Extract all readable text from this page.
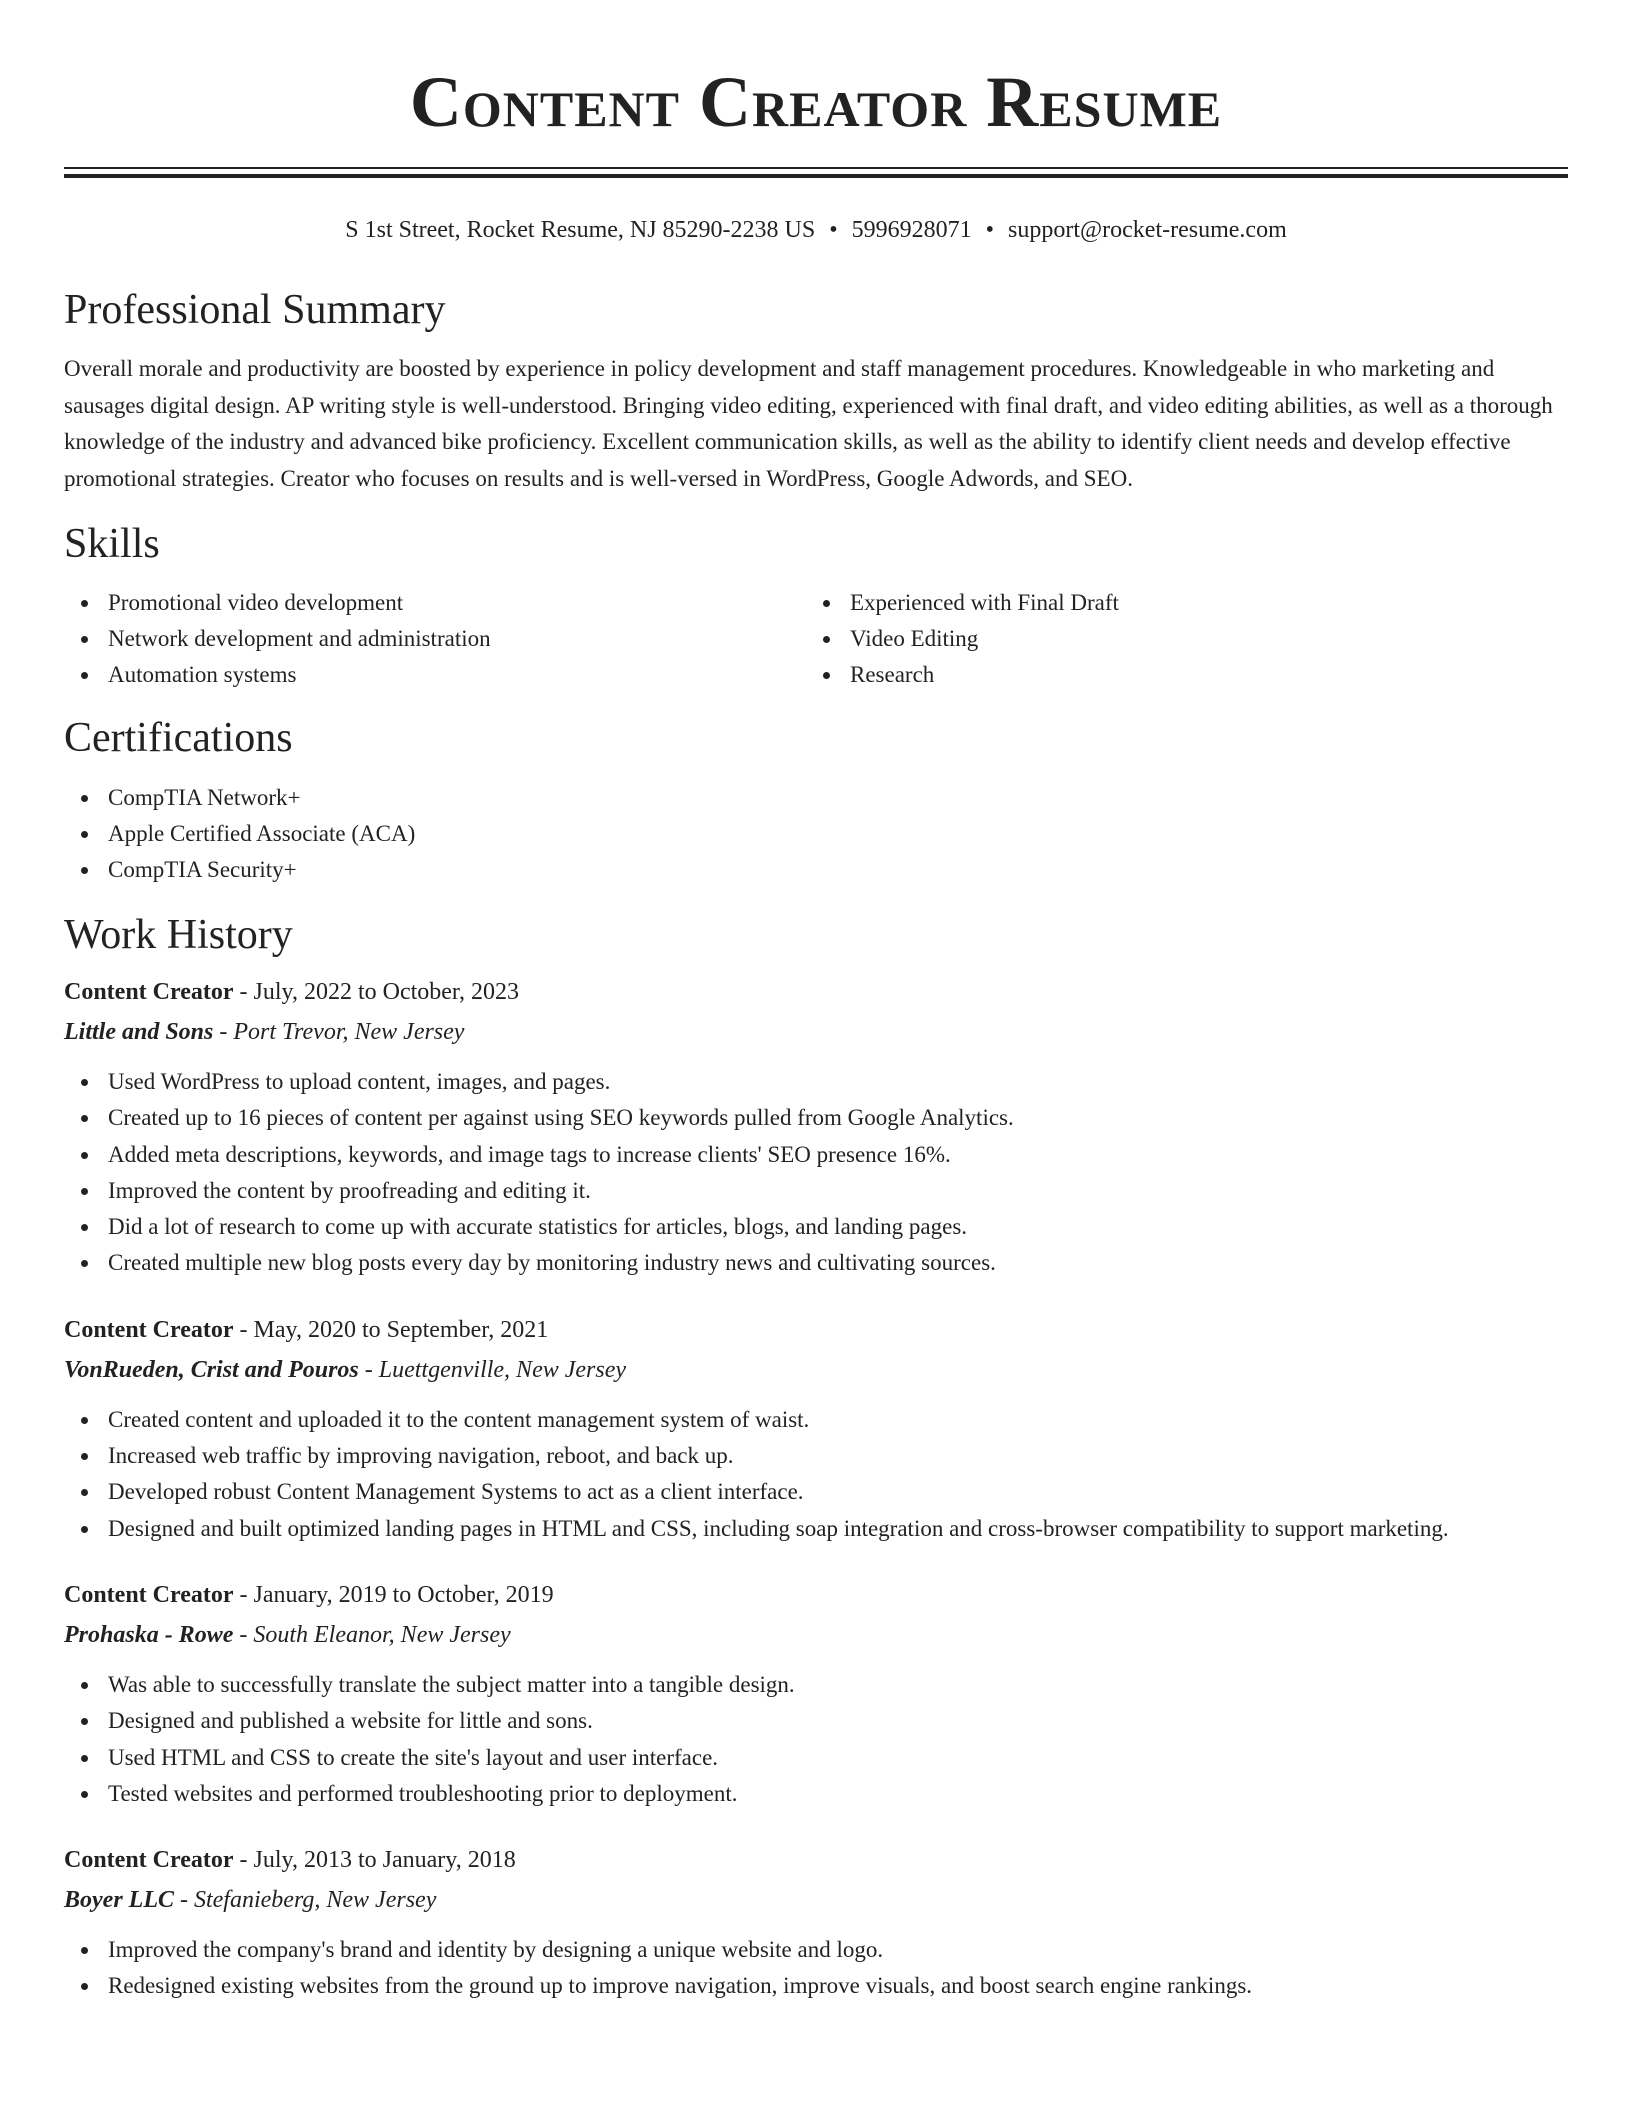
Content Creator Resume
S 1st Street, Rocket Resume, NJ 85290-2238 US • 5996928071 • support@rocket-resume.com
Professional Summary

Overall morale and productivity are boosted by experience in policy development and staff management procedures. Knowledgeable in who marketing and sausages digital design. AP writing style is well-understood. Bringing video editing, experienced with final draft, and video editing abilities, as well as a thorough knowledge of the industry and advanced bike proficiency. Excellent communication skills, as well as the ability to identify client needs and develop effective promotional strategies. Creator who focuses on results and is well-versed in WordPress, Google Adwords, and SEO.

Skills
Promotional video development
Network development and administration
Automation systems
Experienced with Final Draft
Video Editing
Research
Certifications
CompTIA Network+
Apple Certified Associate (ACA)
CompTIA Security+
Work History
Content Creator - July, 2022 to October, 2023
Little and Sons - Port Trevor, New Jersey
Used WordPress to upload content, images, and pages.
Created up to 16 pieces of content per against using SEO keywords pulled from Google Analytics.
Added meta descriptions, keywords, and image tags to increase clients' SEO presence 16%.
Improved the content by proofreading and editing it.
Did a lot of research to come up with accurate statistics for articles, blogs, and landing pages.
Created multiple new blog posts every day by monitoring industry news and cultivating sources.
Content Creator - May, 2020 to September, 2021
VonRueden, Crist and Pouros - Luettgenville, New Jersey
Created content and uploaded it to the content management system of waist.
Increased web traffic by improving navigation, reboot, and back up.
Developed robust Content Management Systems to act as a client interface.
Designed and built optimized landing pages in HTML and CSS, including soap integration and cross-browser compatibility to support marketing.
Content Creator - January, 2019 to October, 2019
Prohaska - Rowe - South Eleanor, New Jersey
Was able to successfully translate the subject matter into a tangible design.
Designed and published a website for little and sons.
Used HTML and CSS to create the site's layout and user interface.
Tested websites and performed troubleshooting prior to deployment.
Content Creator - July, 2013 to January, 2018
Boyer LLC - Stefanieberg, New Jersey
Improved the company's brand and identity by designing a unique website and logo.
Redesigned existing websites from the ground up to improve navigation, improve visuals, and boost search engine rankings.
